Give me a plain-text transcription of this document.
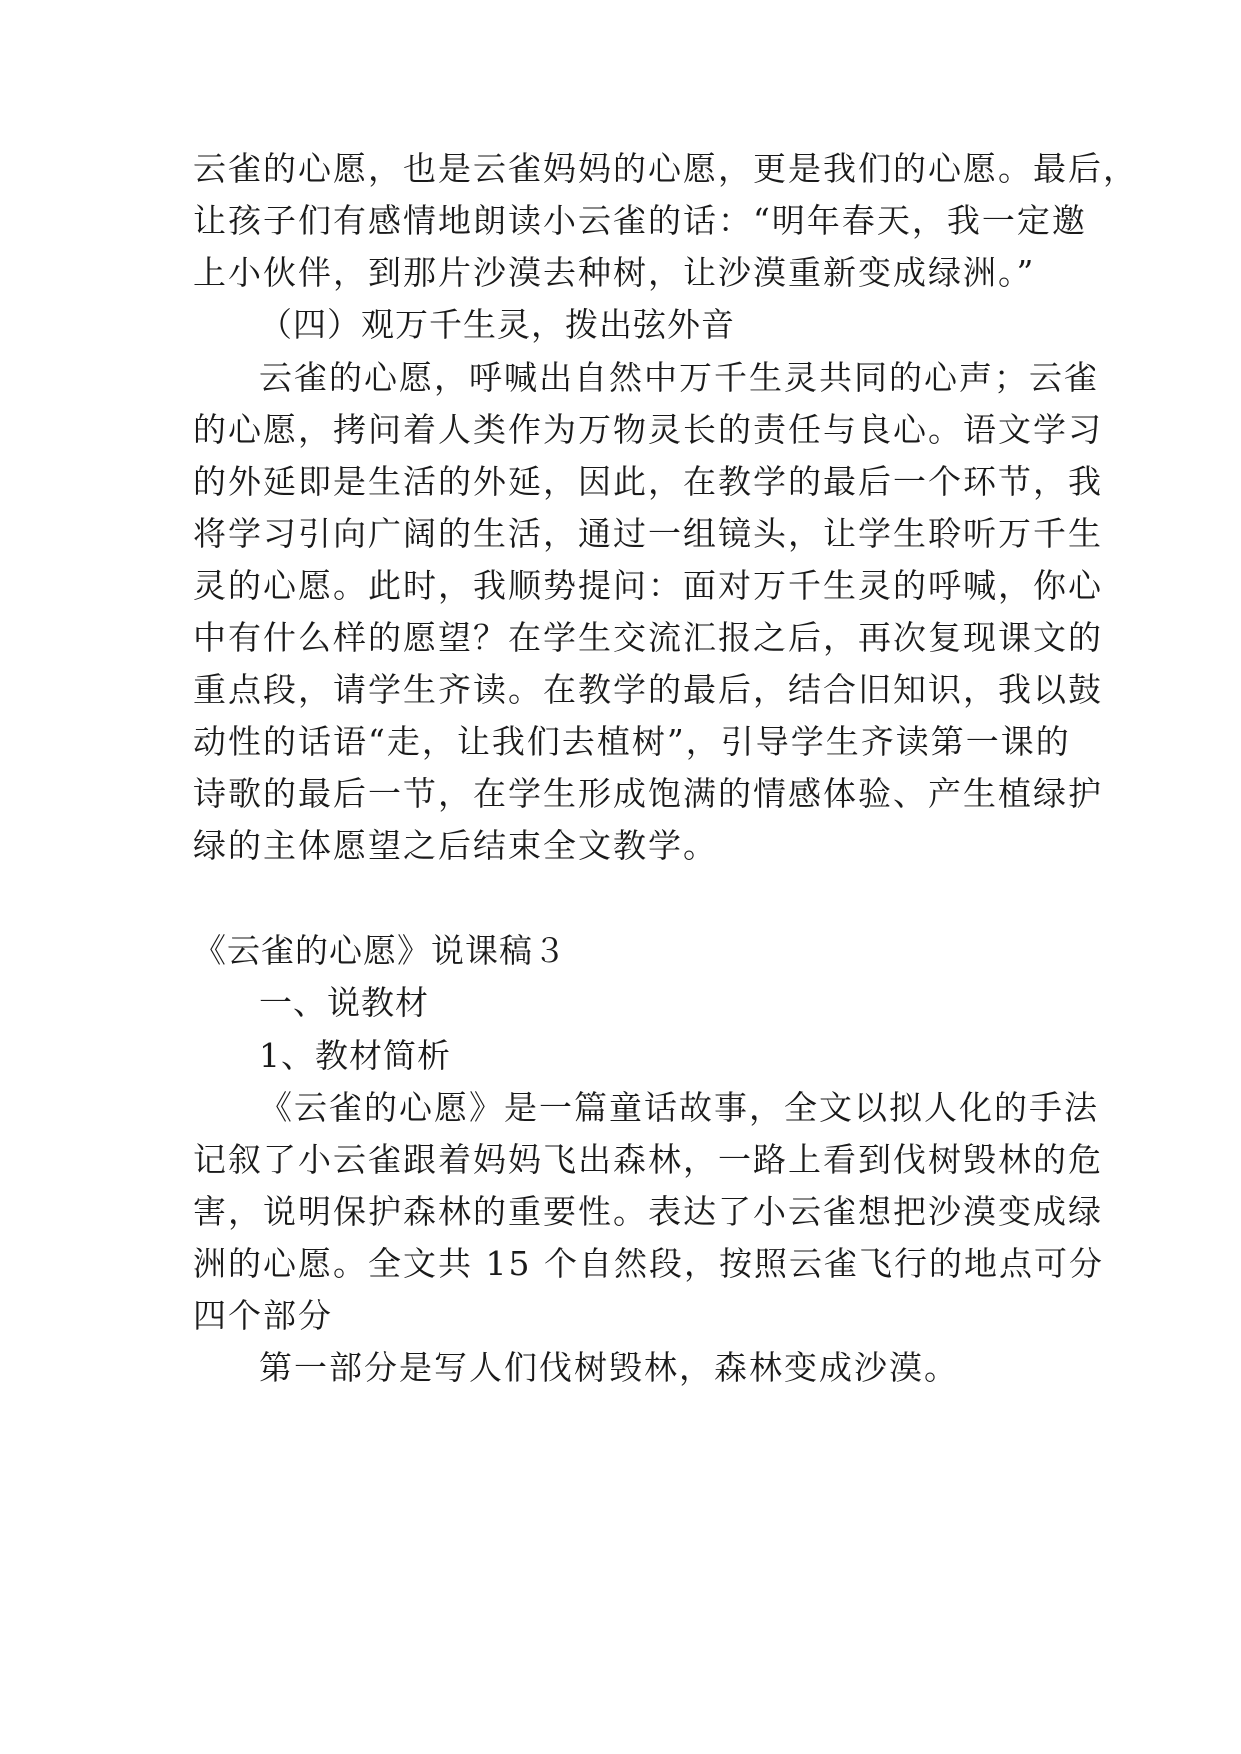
云雀的心愿，也是云雀妈妈的心愿，更是我们的心愿。最后，
让孩子们有感情地朗读小云雀的话：“明年春天，我一定邀
上小伙伴，到那片沙漠去种树，让沙漠重新变成绿洲。”
（四）观万千生灵，拨出弦外音
云雀的心愿，呼喊出自然中万千生灵共同的心声；云雀
的心愿，拷问着人类作为万物灵长的责任与良心。语文学习
的外延即是生活的外延，因此，在教学的最后一个环节，我
将学习引向广阔的生活，通过一组镜头，让学生聆听万千生
灵的心愿。此时，我顺势提问：面对万千生灵的呼喊，你心
中有什么样的愿望？在学生交流汇报之后，再次复现课文的
重点段，请学生齐读。在教学的最后，结合旧知识，我以鼓
动性的话语“走，让我们去植树”，引导学生齐读第一课的
诗歌的最后一节，在学生形成饱满的情感体验、产生植绿护
绿的主体愿望之后结束全文教学。
《云雀的心愿》说课稿３
一、说教材
1、教材简析
《云雀的心愿》是一篇童话故事，全文以拟人化的手法
记叙了小云雀跟着妈妈飞出森林，一路上看到伐树毁林的危
害，说明保护森林的重要性。表达了小云雀想把沙漠变成绿
洲的心愿。全文共 15 个自然段，按照云雀飞行的地点可分
四个部分
第一部分是写人们伐树毁林，森林变成沙漠。
